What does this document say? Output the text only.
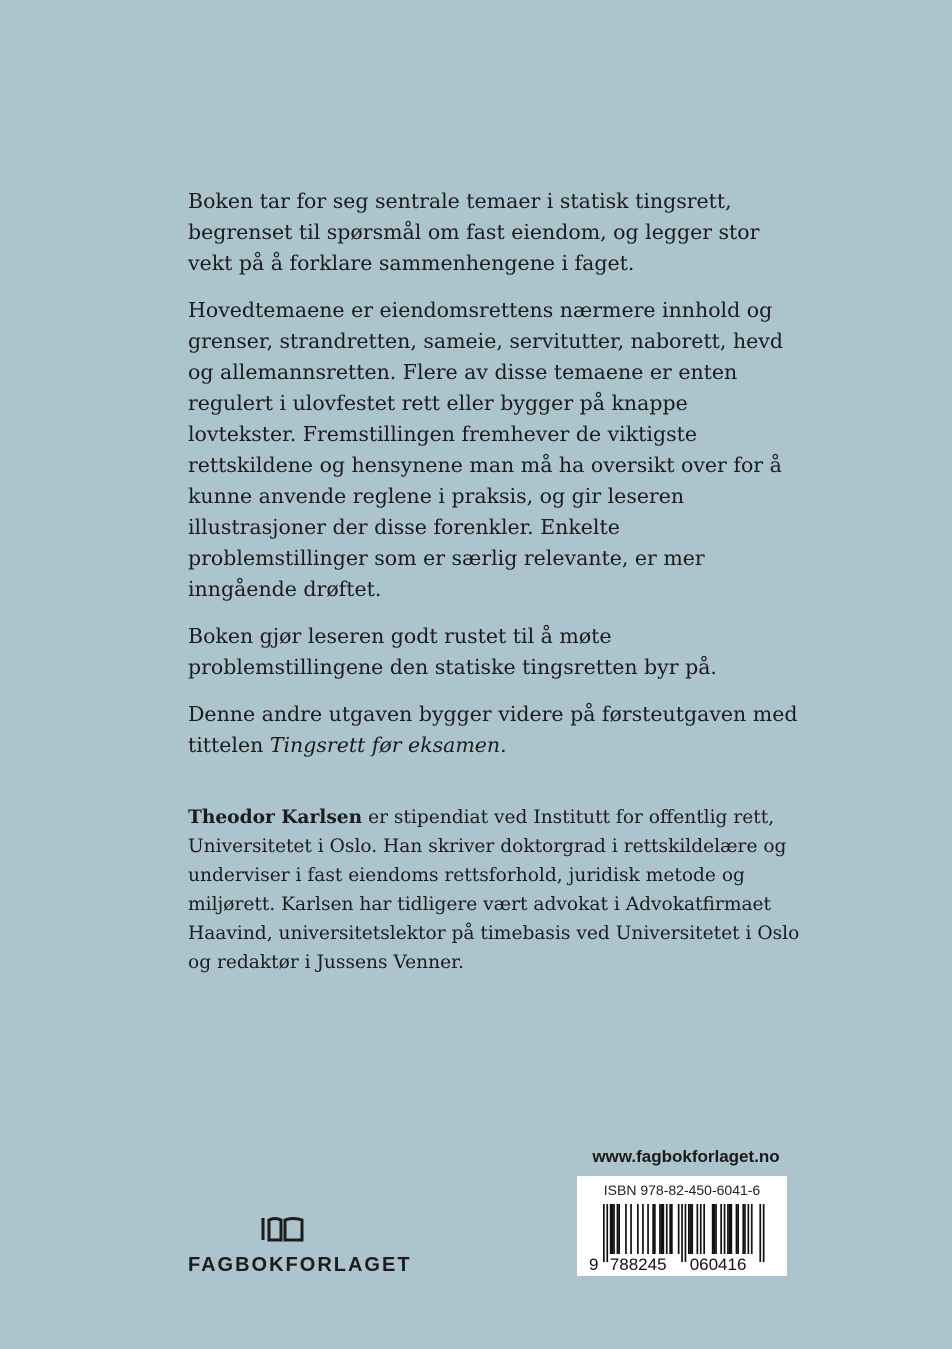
Boken tar for seg sentrale temaer i statisk tingsrett, begrenset til spørsmål om fast eiendom, og legger stor vekt på å forklare sammenhengene i faget.

Hovedtemaene er eiendomsrettens nærmere innhold og grenser, strandretten, sameie, servitutter, naborett, hevd og allemannsretten. Flere av disse temaene er enten regulert i ulovfestet rett eller bygger på knappe lovtekster. Fremstillingen fremhever de viktigste rettskildene og hensynene man må ha oversikt over for å kunne anvende reglene i praksis, og gir leseren illustrasjoner der disse forenkler. Enkelte problemstillinger som er særlig relevante, er mer inngående drøftet.

Boken gjør leseren godt rustet til å møte problemstillingene den statiske tingsretten byr på.

Denne andre utgaven bygger videre på førsteutgaven med tittelen Tingsrett før eksamen.

Theodor Karlsen er stipendiat ved Institutt for offentlig rett, Universitetet i Oslo. Han skriver doktorgrad i rettskildelære og underviser i fast eiendoms rettsforhold, juridisk metode og miljørett. Karlsen har tidligere vært advokat i Advokatfirmaet Haavind, universitetslektor på timebasis ved Universitetet i Oslo og redaktør i Jussens Venner.

www.fagbokforlaget.no
ISBN 978-82-450-6041-6
9 788245 060416
FAGBOKFORLAGET
